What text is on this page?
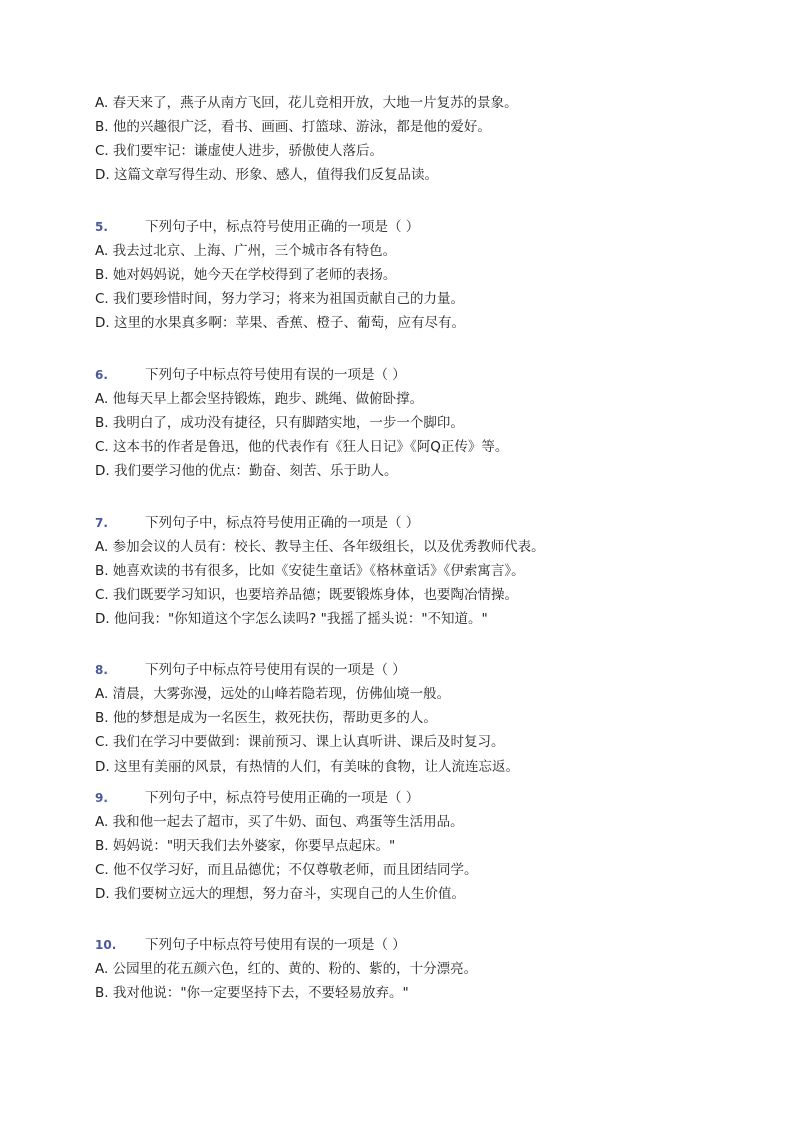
A. 春天来了，燕子从南方飞回，花儿竞相开放，大地一片复苏的景象。
B. 他的兴趣很广泛，看书、画画、打篮球、游泳，都是他的爱好。
C. 我们要牢记：谦虚使人进步，骄傲使人落后。
D. 这篇文章写得生动、形象、感人，值得我们反复品读。
5.	下列句子中，标点符号使用正确的一项是（ ）
A. 我去过北京、上海、广州，三个城市各有特色。
B. 她对妈妈说，她今天在学校得到了老师的表扬。
C. 我们要珍惜时间，努力学习；将来为祖国贡献自己的力量。
D. 这里的水果真多啊：苹果、香蕉、橙子、葡萄，应有尽有。
6.	下列句子中标点符号使用有误的一项是（ ）
A. 他每天早上都会坚持锻炼，跑步、跳绳、做俯卧撑。
B. 我明白了，成功没有捷径，只有脚踏实地，一步一个脚印。
C. 这本书的作者是鲁迅，他的代表作有《狂人日记》《阿Q正传》等。
D. 我们要学习他的优点：勤奋、刻苦、乐于助人。
7.	下列句子中，标点符号使用正确的一项是（ ）
A. 参加会议的人员有：校长、教导主任、各年级组长，以及优秀教师代表。
B. 她喜欢读的书有很多，比如《安徒生童话》《格林童话》《伊索寓言》。
C. 我们既要学习知识，也要培养品德；既要锻炼身体，也要陶冶情操。
D. 他问我："你知道这个字怎么读吗? "我摇了摇头说："不知道。"
8.	下列句子中标点符号使用有误的一项是（ ）
A. 清晨，大雾弥漫，远处的山峰若隐若现，仿佛仙境一般。
B. 他的梦想是成为一名医生，救死扶伤，帮助更多的人。
C. 我们在学习中要做到：课前预习、课上认真听讲、课后及时复习。
D. 这里有美丽的风景，有热情的人们，有美味的食物，让人流连忘返。
9.	下列句子中，标点符号使用正确的一项是（ ）
A. 我和他一起去了超市，买了牛奶、面包、鸡蛋等生活用品。
B. 妈妈说："明天我们去外婆家，你要早点起床。"
C. 他不仅学习好，而且品德优；不仅尊敬老师，而且团结同学。
D. 我们要树立远大的理想，努力奋斗，实现自己的人生价值。
10. 下列句子中标点符号使用有误的一项是（ ）
A. 公园里的花五颜六色，红的、黄的、粉的、紫的，十分漂亮。
B. 我对他说："你一定要坚持下去，不要轻易放弃。"
